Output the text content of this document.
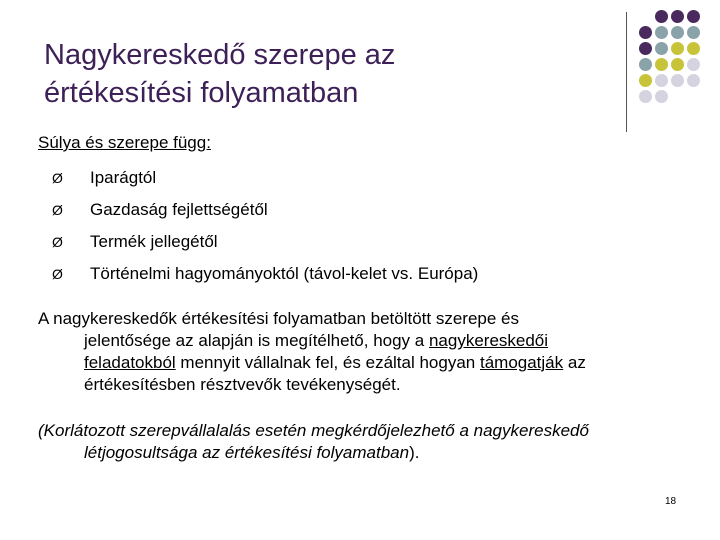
Nagykereskedő szerepe az
értékesítési folyamatban
Súlya és szerepe függ:
Ø	Iparágtól
Ø	Gazdaság fejlettségétől
Ø	Termék jellegétől
Ø	Történelmi hagyományoktól (távol-kelet vs. Európa)
A nagykereskedők értékesítési folyamatban betöltött szerepe és
jelentősége az alapján is megítélhető, hogy a nagykereskedői
feladatokból mennyit vállalnak fel, és ezáltal hogyan támogatják az
értékesítésben résztvevők tevékenységét.
(Korlátozott szerepvállalalás esetén megkérdőjelezhető a nagykereskedő
létjogosultsága az értékesítési folyamatban).
18
